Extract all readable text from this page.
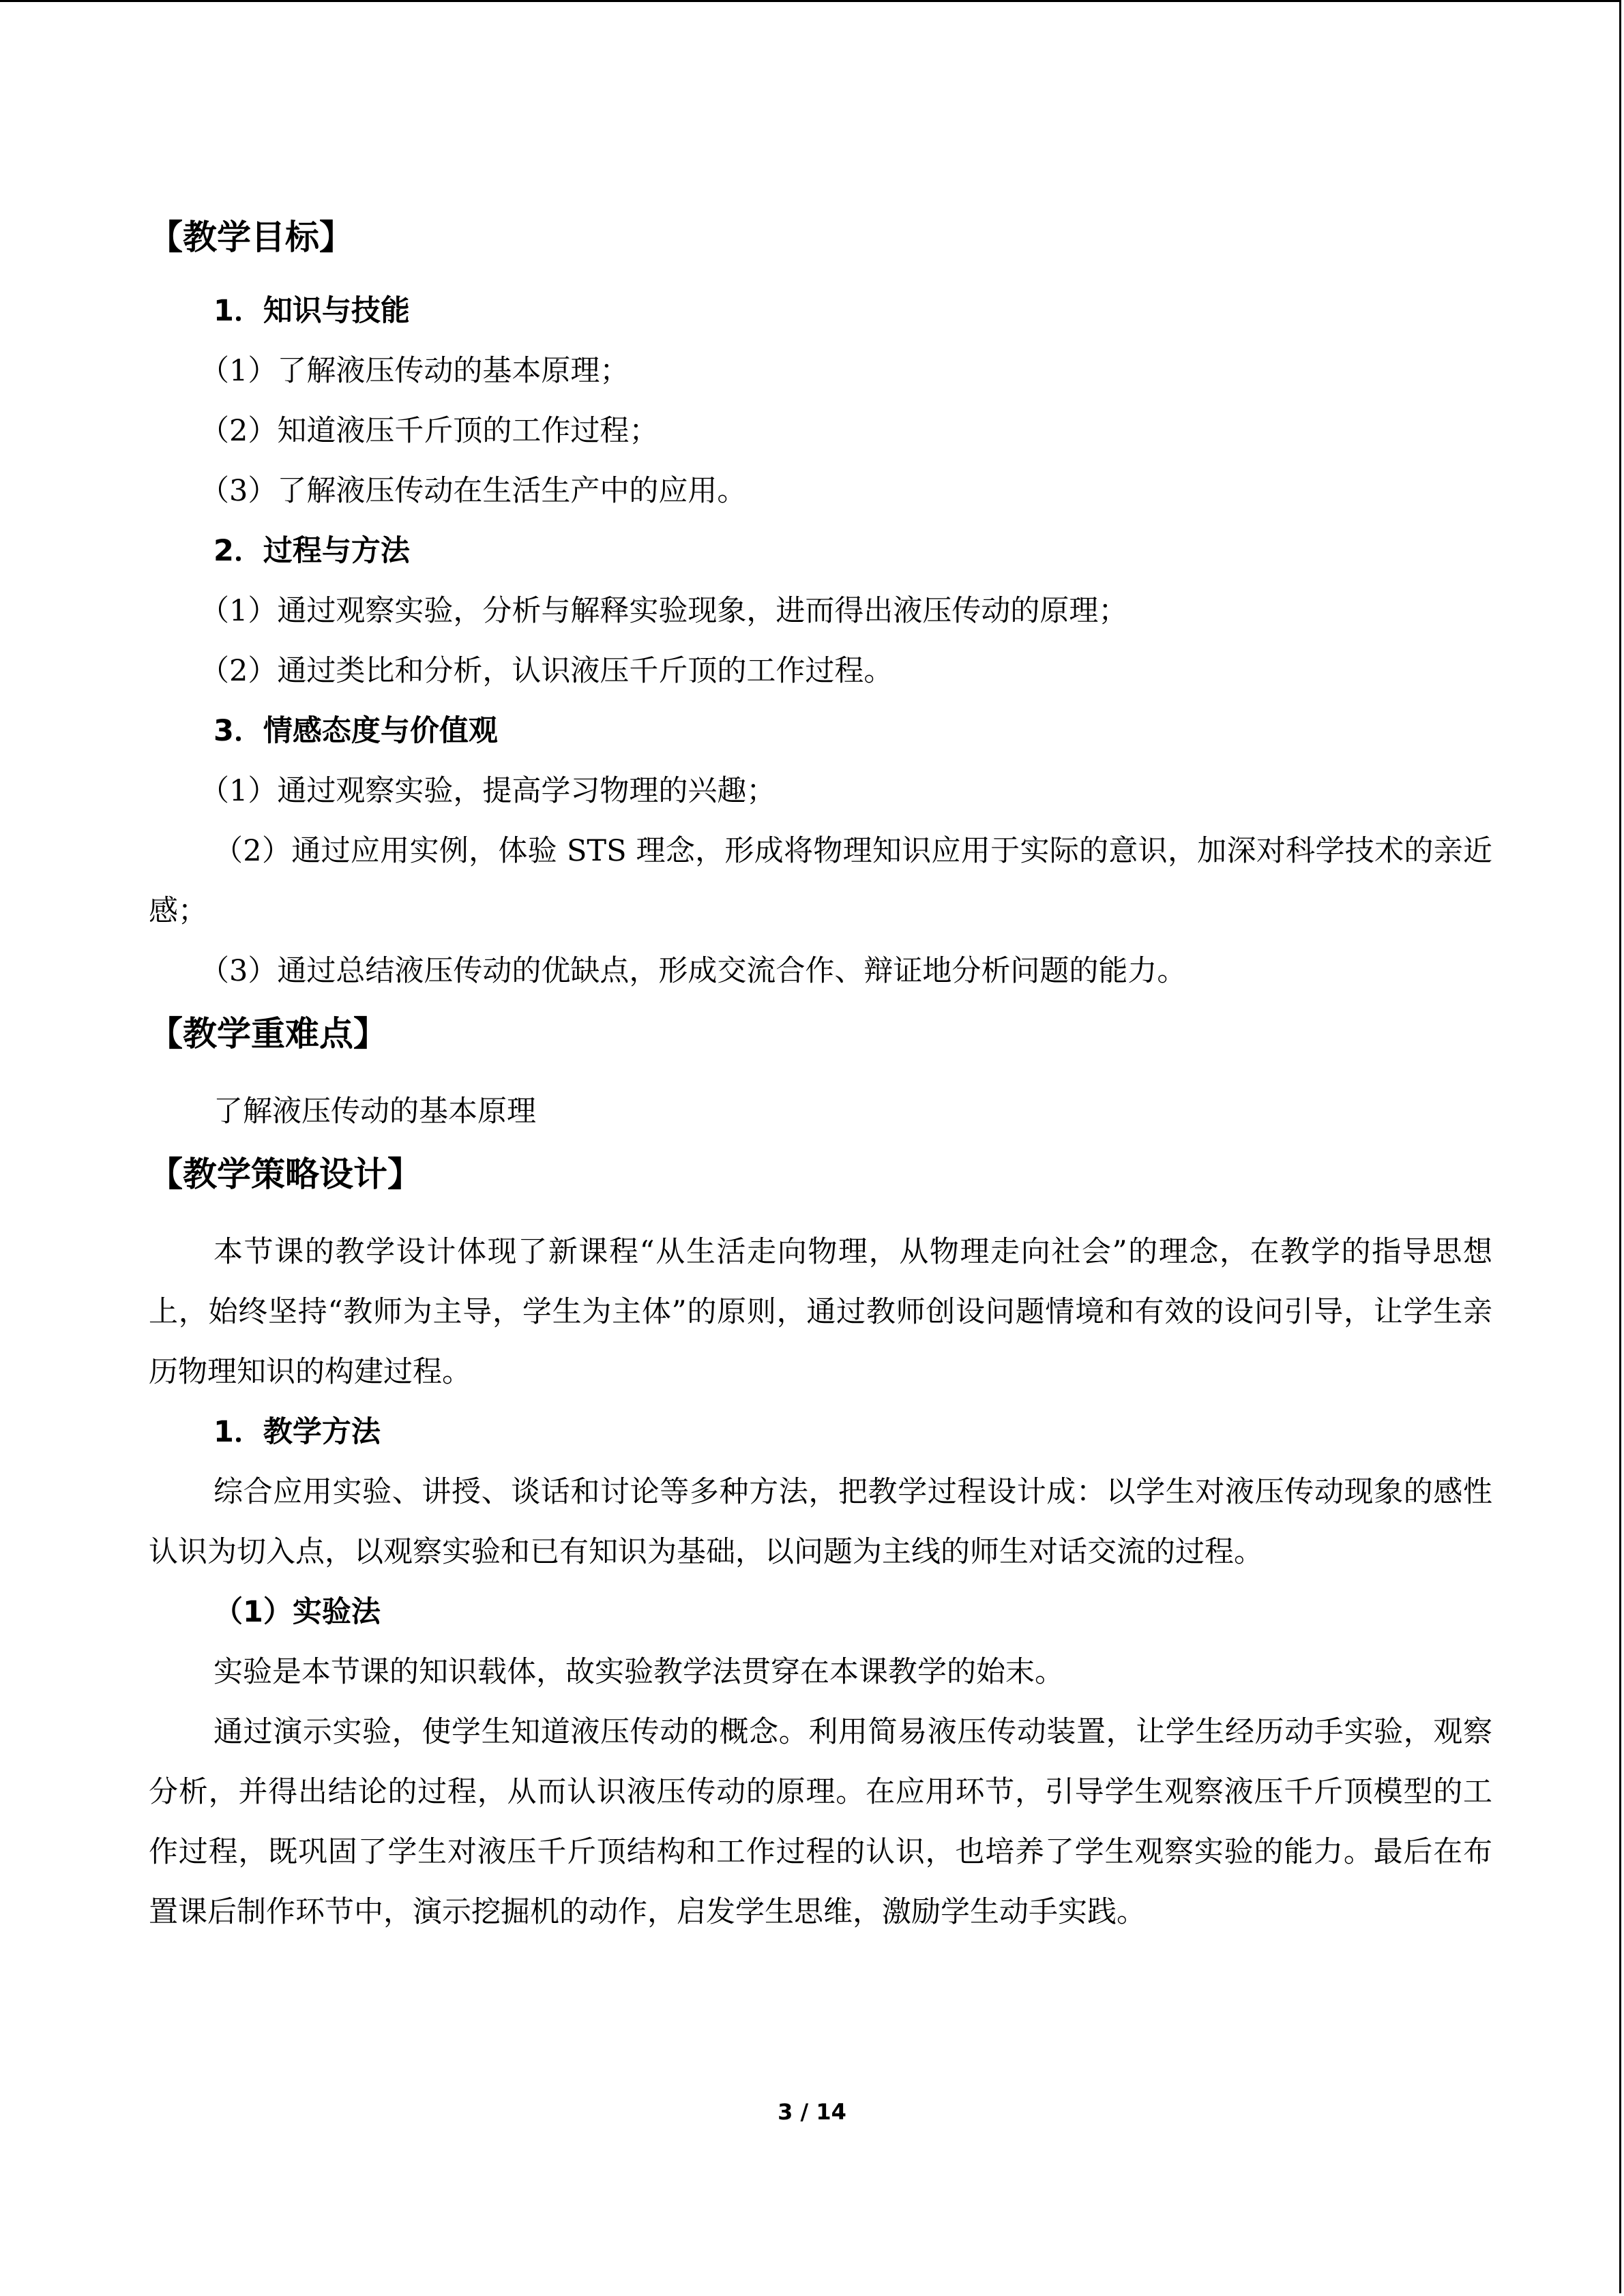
【教学目标】
1．知识与技能
（1）了解液压传动的基本原理；
（2）知道液压千斤顶的工作过程；
（3）了解液压传动在生活生产中的应用。
2．过程与方法
（1）通过观察实验，分析与解释实验现象，进而得出液压传动的原理；
（2）通过类比和分析，认识液压千斤顶的工作过程。
3．情感态度与价值观
（1）通过观察实验，提高学习物理的兴趣；

（2）通过应用实例，体验 STS 理念，形成将物理知识应用于实际的意识，加深对科学技术的亲近感；

（3）通过总结液压传动的优缺点，形成交流合作、辩证地分析问题的能力。
【教学重难点】
了解液压传动的基本原理
【教学策略设计】

本节课的教学设计体现了新课程“从生活走向物理，从物理走向社会”的理念，在教学的指导思想上，始终坚持“教师为主导，学生为主体”的原则，通过教师创设问题情境和有效的设问引导，让学生亲历物理知识的构建过程。

1．教学方法

综合应用实验、讲授、谈话和讨论等多种方法，把教学过程设计成：以学生对液压传动现象的感性认识为切入点，以观察实验和已有知识为基础，以问题为主线的师生对话交流的过程。

（1）实验法

实验是本节课的知识载体，故实验教学法贯穿在本课教学的始末。

通过演示实验，使学生知道液压传动的概念。利用简易液压传动装置，让学生经历动手实验，观察分析，并得出结论的过程，从而认识液压传动的原理。在应用环节，引导学生观察液压千斤顶模型的工作过程，既巩固了学生对液压千斤顶结构和工作过程的认识，也培养了学生观察实验的能力。最后在布置课后制作环节中，演示挖掘机的动作，启发学生思维，激励学生动手实践。

3 / 14
